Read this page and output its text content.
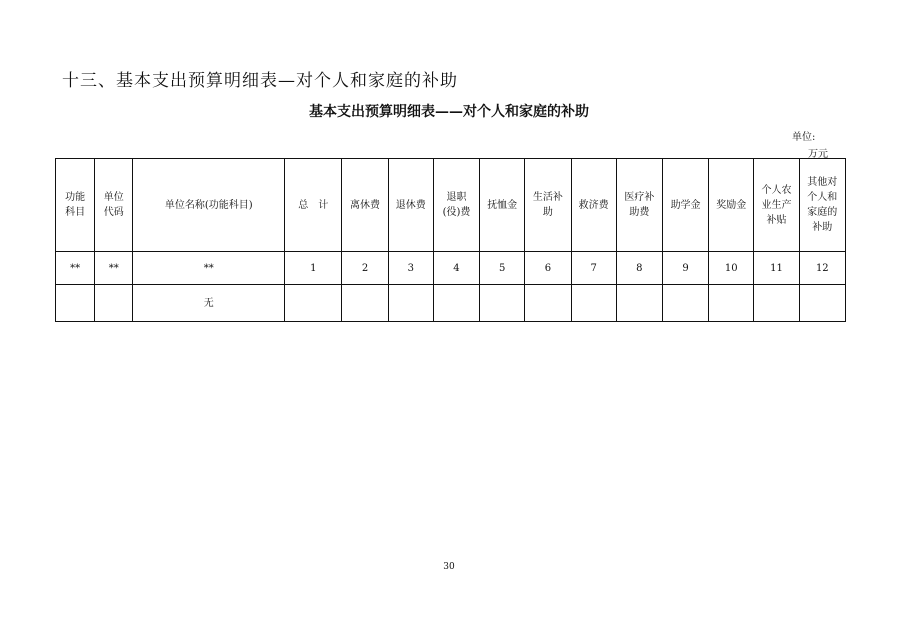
十三、基本支出预算明细表—对个人和家庭的补助
基本支出预算明细表——对个人和家庭的补助
单位:
万元
功能科目	单位代码	单位名称(功能科目)	总　计	离休费	退休费	退职(役)费	抚恤金	生活补助	救济费	医疗补助费	助学金	奖励金	个人农业生产补贴	其他对个人和家庭的补助
**	**	**	1	2	3	4	5	6	7	8	9	10	11	12
		无												
30
